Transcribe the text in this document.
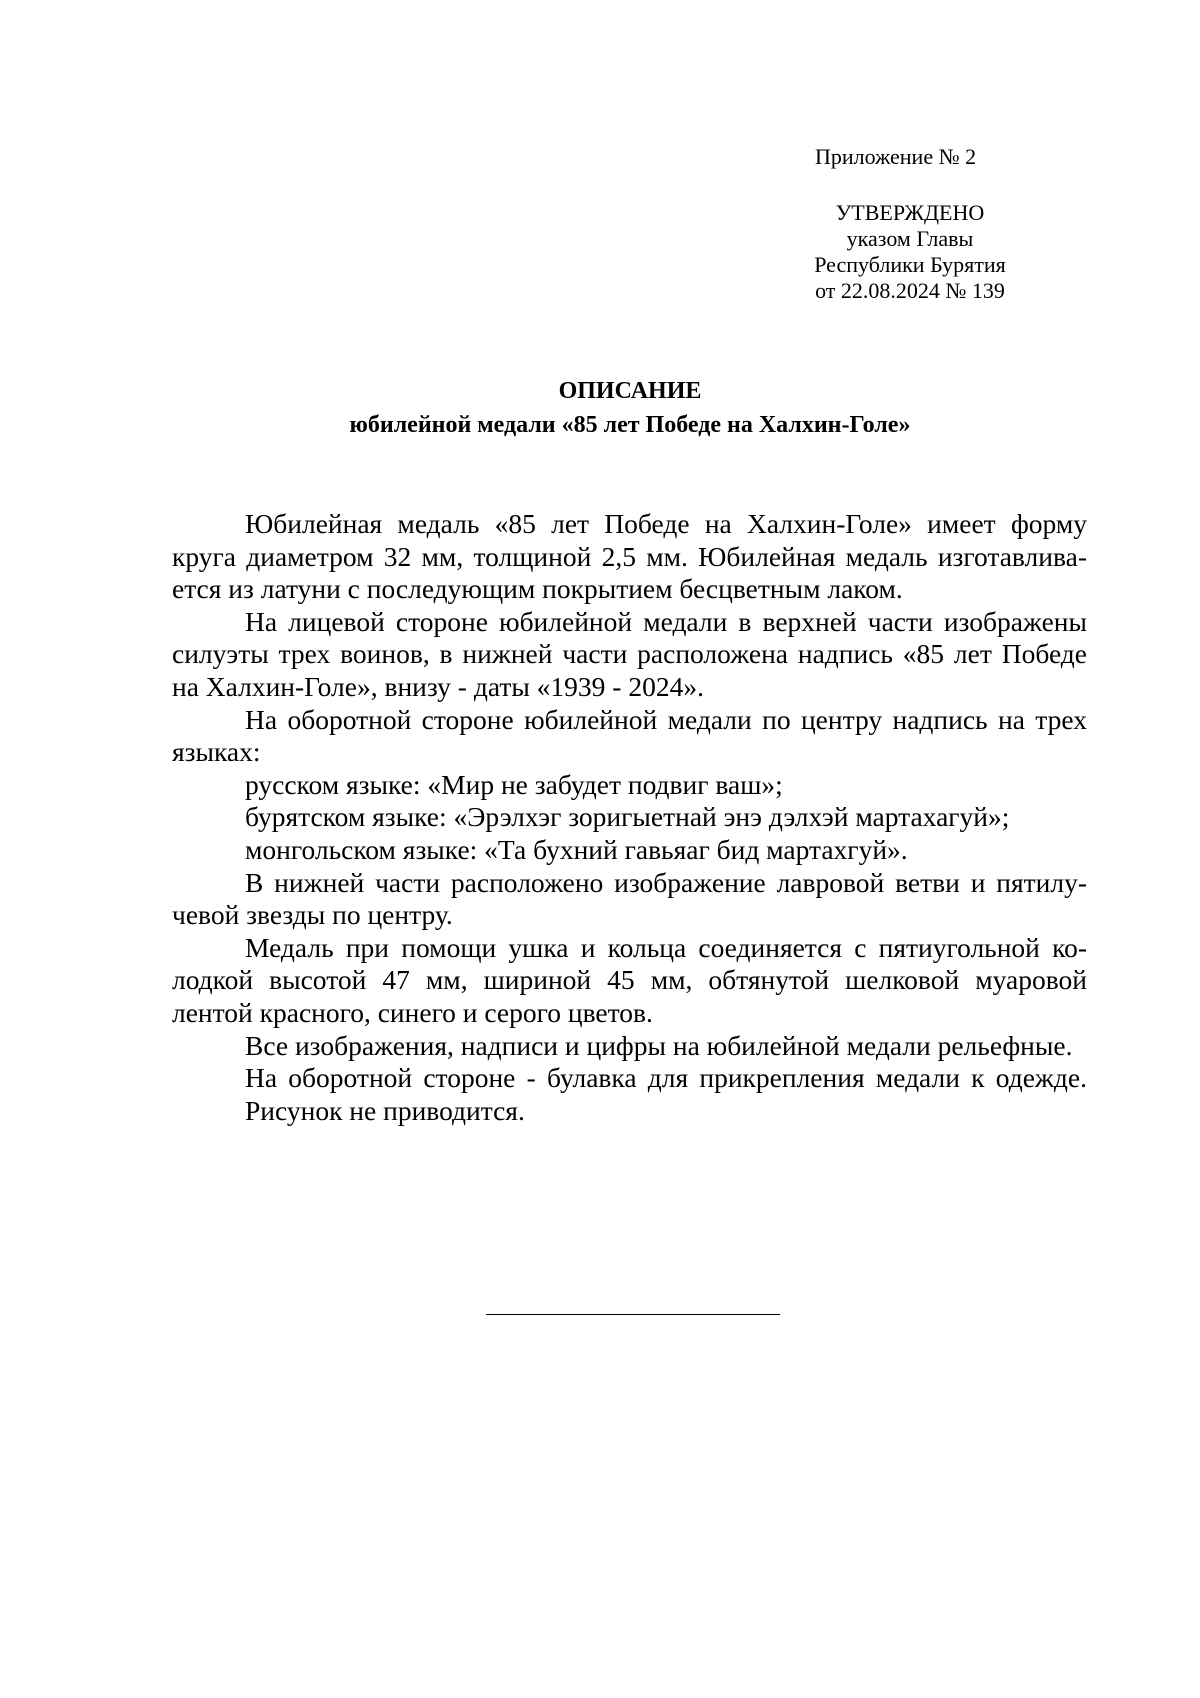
Приложение № 2
УТВЕРЖДЕНО
указом Главы
Республики Бурятия
от 22.08.2024 № 139
ОПИСАНИЕ
юбилейной медали «85 лет Победе на Халхин-Голе»

Юбилейная медаль «85 лет Победе на Халхин-Голе» имеет форму круга диаметром 32 мм, толщиной 2,5 мм. Юбилейная медаль изготавливается из латуни с последующим покрытием бесцветным лаком.

На лицевой стороне юбилейной медали в верхней части изображены силуэты трех воинов, в нижней части расположена надпись «85 лет Победе на Халхин-Голе», внизу - даты «1939 - 2024».

На оборотной стороне юбилейной медали по центру надпись на трех языках:

русском языке: «Мир не забудет подвиг ваш»;

бурятском языке: «Эрэлхэг зоригыетнай энэ дэлхэй мартахагуй»;

монгольском языке: «Та бухний гавьяаг бид мартахгуй».

В нижней части расположено изображение лавровой ветви и пятилучевой звезды по центру.

Медаль при помощи ушка и кольца соединяется с пятиугольной колодкой высотой 47 мм, шириной 45 мм, обтянутой шелковой муаровой лентой красного, синего и серого цветов.

Все изображения, надписи и цифры на юбилейной медали рельефные.

На оборотной стороне - булавка для прикрепления медали к одежде.

Рисунок не приводится.
